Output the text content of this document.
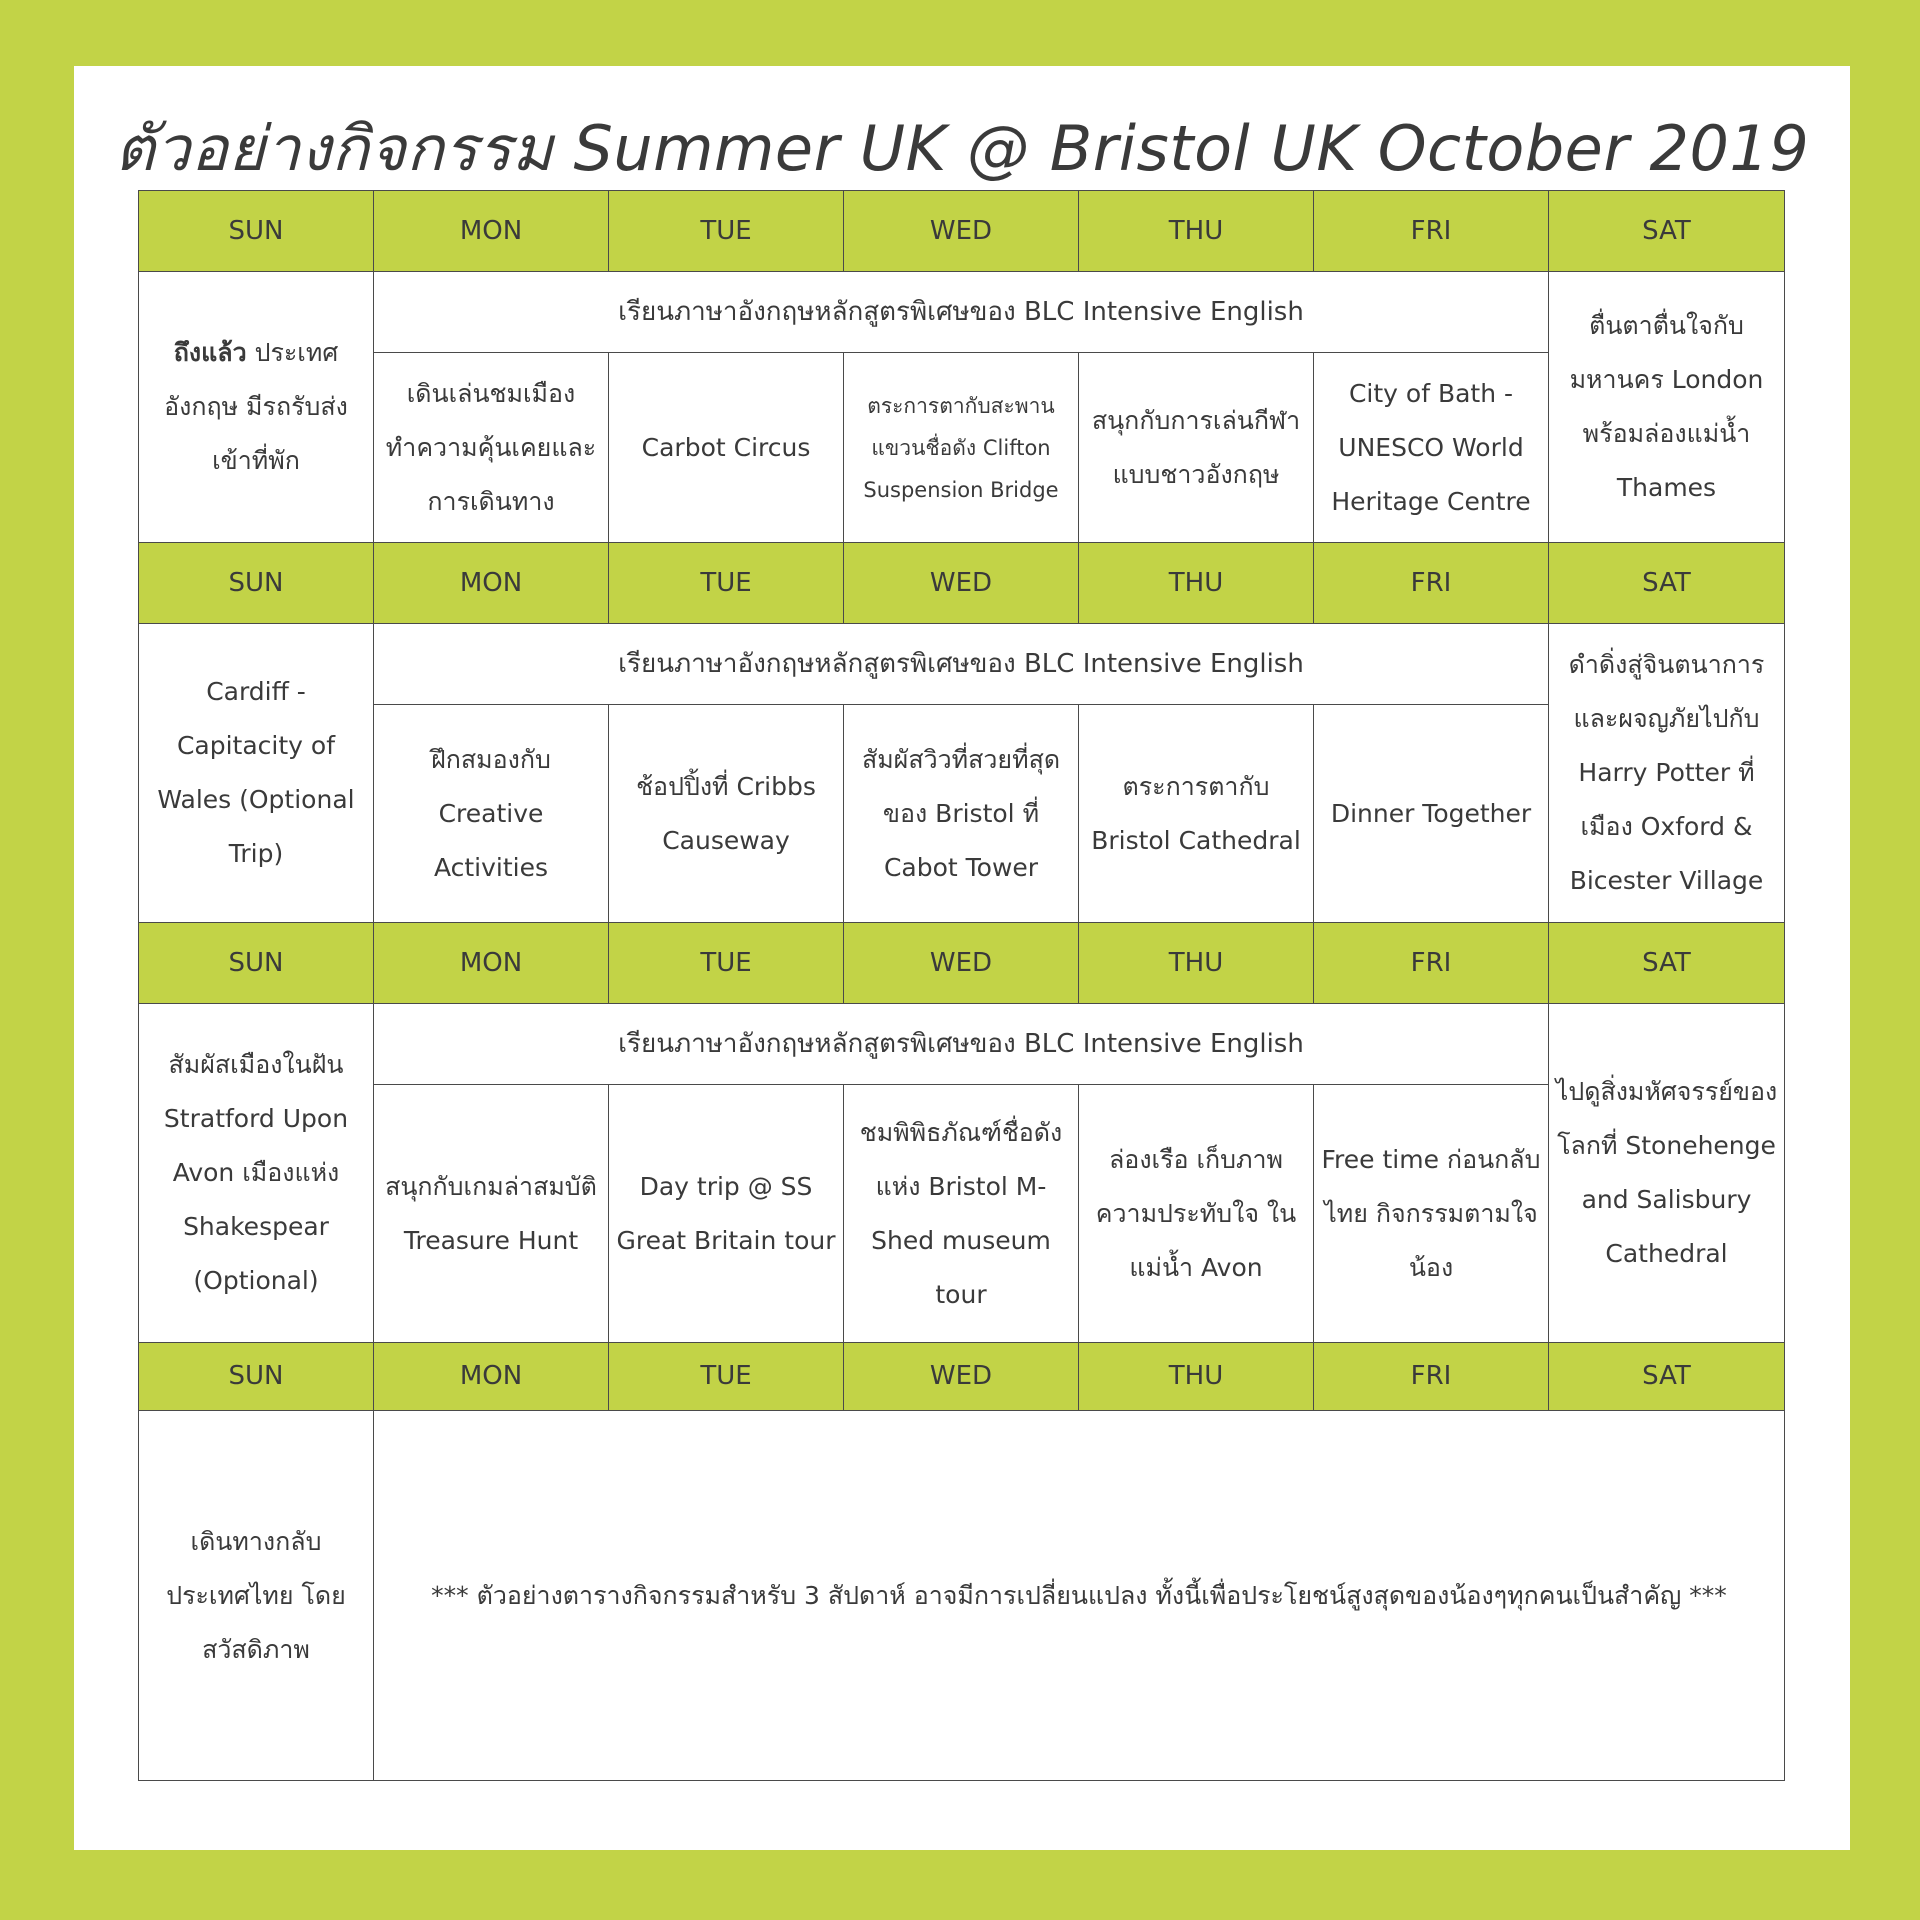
ตัวอย่างกิจกรรม Summer UK @ Bristol UK October 2019
SUN	MON	TUE	WED	THU	FRI	SAT
ถึงแล้ว ประเทศอังกฤษ มีรถรับส่งเข้าที่พัก	เรียนภาษาอังกฤษหลักสูตรพิเศษของ BLC Intensive English					ตื่นตาตื่นใจกับมหานคร London พร้อมล่องแม่น้ำ Thames
	เดินเล่นชมเมือง ทำความคุ้นเคยและการเดินทาง	Carbot Circus	ตระการตากับสะพานแขวนชื่อดัง Clifton Suspension Bridge	สนุกกับการเล่นกีฬาแบบชาวอังกฤษ	City of Bath - UNESCO World Heritage Centre	
SUN	MON	TUE	WED	THU	FRI	SAT
Cardiff - Capitacity of Wales (Optional Trip)	เรียนภาษาอังกฤษหลักสูตรพิเศษของ BLC Intensive English					ดำดิ่งสู่จินตนาการและผจญภัยไปกับ Harry Potter ที่เมือง Oxford & Bicester Village
	ฝึกสมองกับ Creative Activities	ช้อปปิ้งที่ Cribbs Causeway	สัมผัสวิวที่สวยที่สุดของ Bristol ที่ Cabot Tower	ตระการตากับ Bristol Cathedral	Dinner Together	
SUN	MON	TUE	WED	THU	FRI	SAT
สัมผัสเมืองในฝัน Stratford Upon Avon เมืองแห่ง Shakespear (Optional)	เรียนภาษาอังกฤษหลักสูตรพิเศษของ BLC Intensive English					ไปดูสิ่งมหัศจรรย์ของโลกที่ Stonehenge and Salisbury Cathedral
	สนุกกับเกมล่าสมบัติ Treasure Hunt	Day trip @ SS Great Britain tour	ชมพิพิธภัณฑ์ชื่อดังแห่ง Bristol M-Shed museum tour	ล่องเรือ เก็บภาพความประทับใจ ในแม่น้ำ Avon	Free time ก่อนกลับไทย กิจกรรมตามใจน้อง	
SUN	MON	TUE	WED	THU	FRI	SAT
เดินทางกลับประเทศไทย โดยสวัสดิภาพ	*** ตัวอย่างตารางกิจกรรมสำหรับ 3 สัปดาห์ อาจมีการเปลี่ยนแปลง ทั้งนี้เพื่อประโยชน์สูงสุดของน้องๆทุกคนเป็นสำคัญ ***					
